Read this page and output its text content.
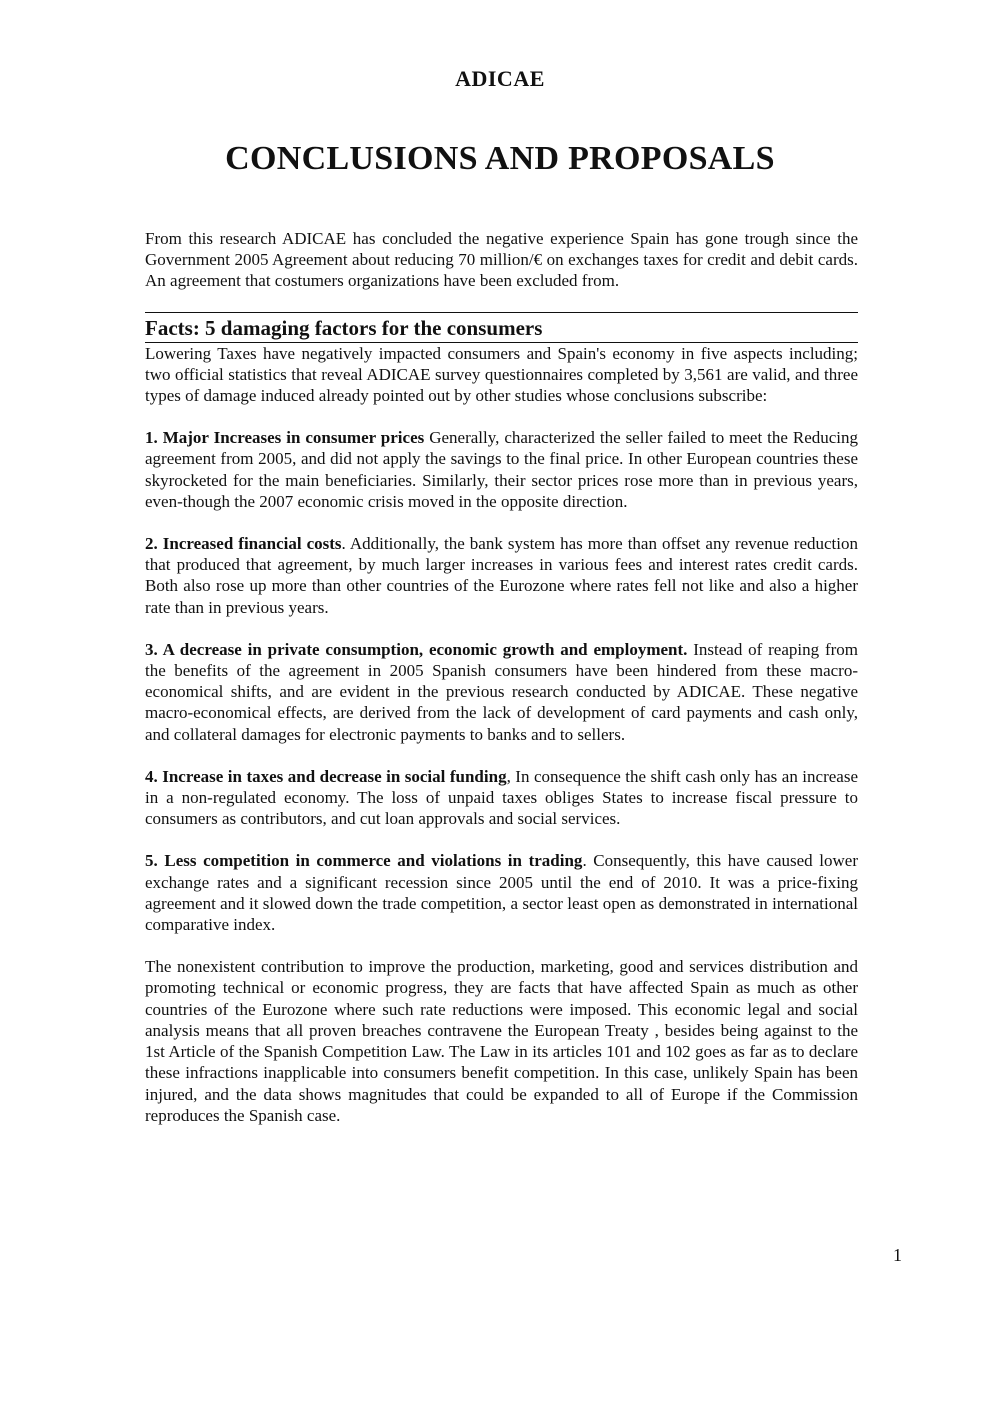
ADICAE
CONCLUSIONS AND PROPOSALS

From this research ADICAE has concluded the negative experience Spain has gone trough since the Government 2005 Agreement about reducing 70 million/€ on exchanges taxes for credit and debit cards. An agreement that costumers organizations have been excluded from.

Facts: 5 damaging factors for the consumers

Lowering Taxes have negatively impacted consumers and Spain's economy in five aspects including; two official statistics that reveal ADICAE survey questionnaires completed by 3,561 are valid, and three types of damage induced already pointed out by other studies whose conclusions subscribe:

1. Major Increases in consumer prices Generally, characterized the seller failed to meet the Reducing agreement from 2005, and did not apply the savings to the final price. In other European countries these skyrocketed for the main beneficiaries. Similarly, their sector prices rose more than in previous years, even-though the 2007 economic crisis moved in the opposite direction.

2. Increased financial costs. Additionally, the bank system has more than offset any revenue reduction that produced that agreement, by much larger increases in various fees and interest rates credit cards. Both also rose up more than other countries of the Eurozone where rates fell not like and also a higher rate than in previous years.

3. A decrease in private consumption, economic growth and employment. Instead of reaping from the benefits of the agreement in 2005 Spanish consumers have been hindered from these macro-economical shifts, and are evident in the previous research conducted by ADICAE. These negative macro-economical effects, are derived from the lack of development of card payments and cash only, and collateral damages for electronic payments to banks and to sellers.

4. Increase in taxes and decrease in social funding, In consequence the shift cash only has an increase in a non-regulated economy. The loss of unpaid taxes obliges States to increase fiscal pressure to consumers as contributors, and cut loan approvals and social services.

5. Less competition in commerce and violations in trading. Consequently, this have caused lower exchange rates and a significant recession since 2005 until the end of 2010. It was a price-fixing agreement and it slowed down the trade competition, a sector least open as demonstrated in international comparative index.

The nonexistent contribution to improve the production, marketing, good and services distribution and promoting technical or economic progress, they are facts that have affected Spain as much as other countries of the Eurozone where such rate reductions were imposed. This economic legal and social analysis means that all proven breaches contravene the European Treaty , besides being against to the 1st Article of the Spanish Competition Law. The Law in its articles 101 and 102 goes as far as to declare these infractions inapplicable into consumers benefit competition. In this case, unlikely Spain has been injured, and the data shows magnitudes that could be expanded to all of Europe if the Commission reproduces the Spanish case.

1
